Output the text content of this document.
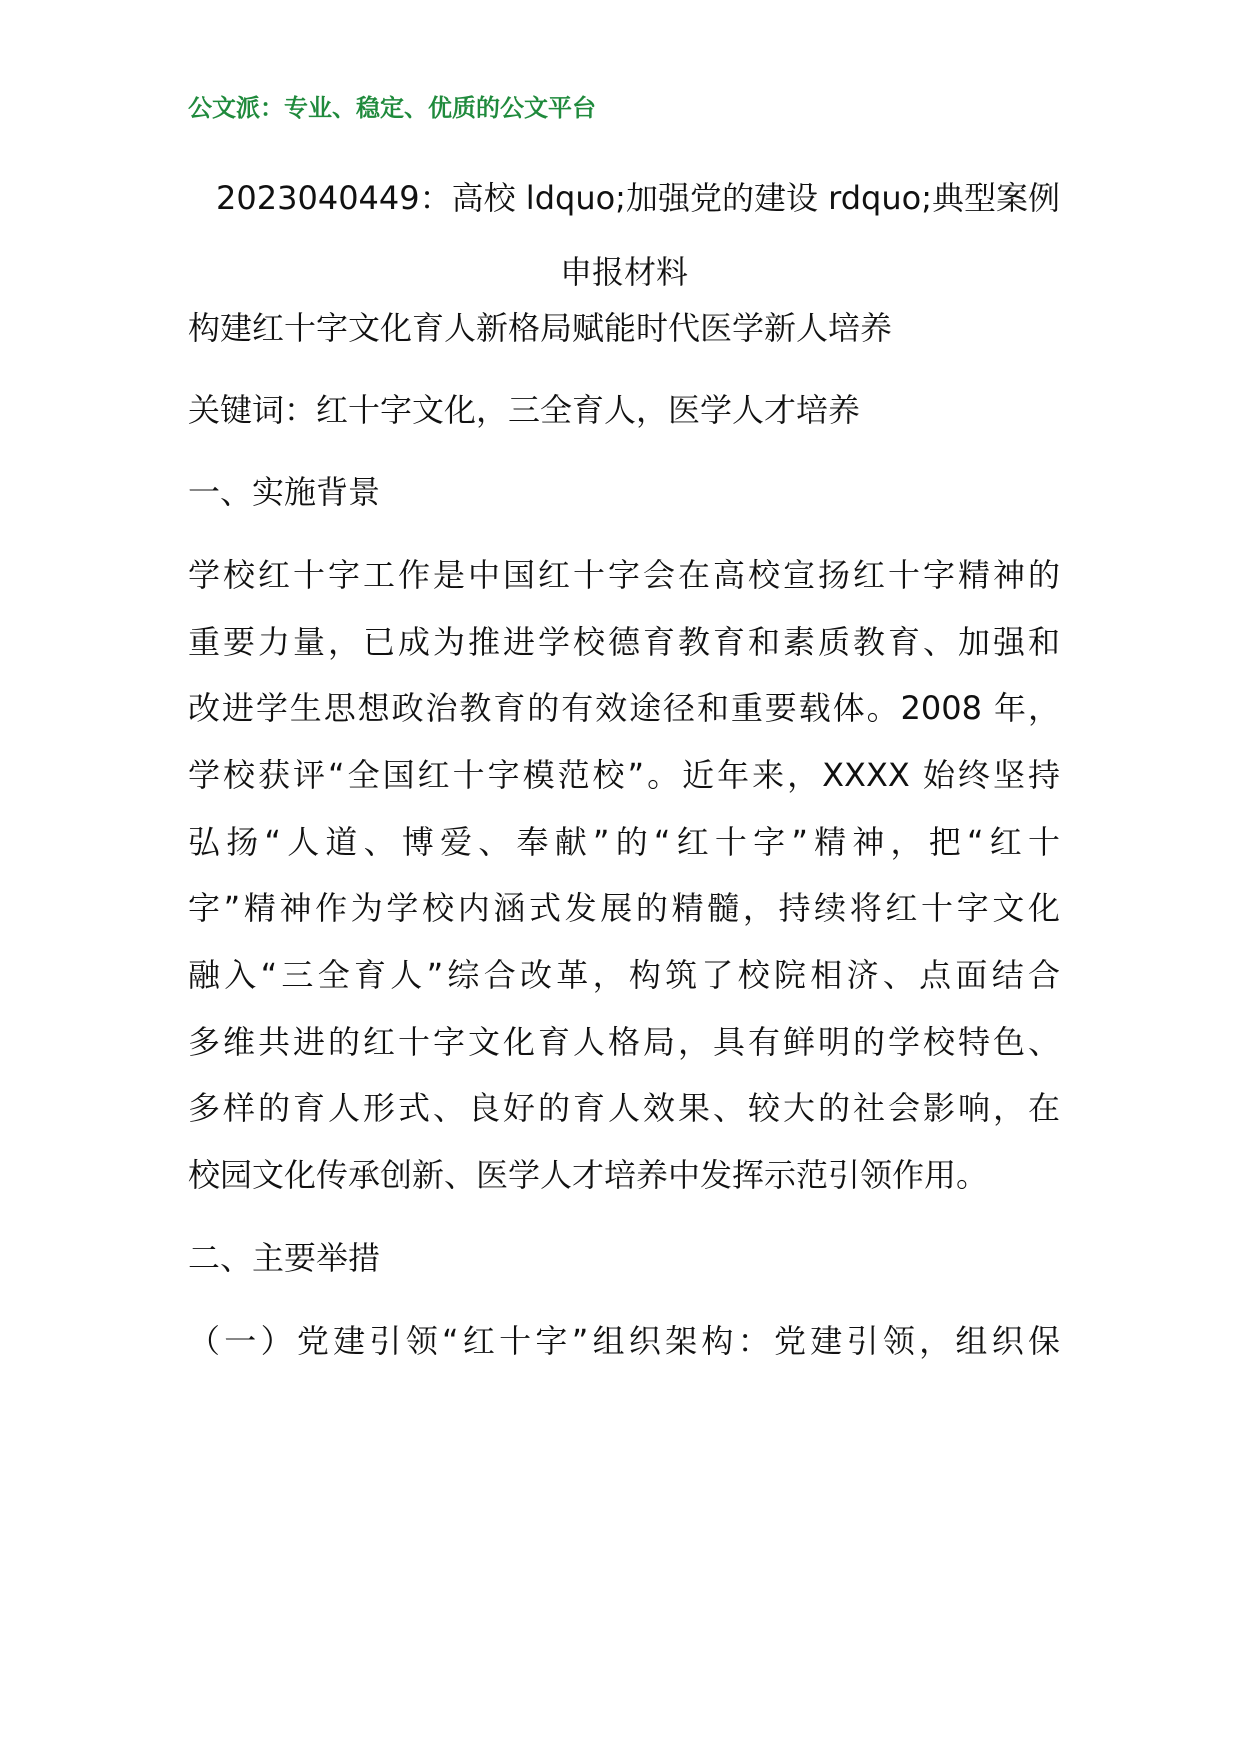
公文派：专业、稳定、优质的公文平台
2023040449：高校 ldquo;加强党的建设 rdquo;典型案例
申报材料
构建红十字文化育人新格局赋能时代医学新人培养
关键词：红十字文化，三全育人，医学人才培养
一、实施背景
学校红十字工作是中国红十字会在高校宣扬红十字精神的
重要力量，已成为推进学校德育教育和素质教育、加强和
改进学生思想政治教育的有效途径和重要载体。2008 年，
学校获评“全国红十字模范校”。近年来，XXXX 始终坚持
弘扬“人道、博爱、奉献”的“红十字”精神，把“红十
字”精神作为学校内涵式发展的精髓，持续将红十字文化
融入“三全育人”综合改革，构筑了校院相济、点面结合
多维共进的红十字文化育人格局，具有鲜明的学校特色、
多样的育人形式、良好的育人效果、较大的社会影响，在
校园文化传承创新、医学人才培养中发挥示范引领作用。
二、主要举措
（一）党建引领“红十字”组织架构：党建引领，组织保
